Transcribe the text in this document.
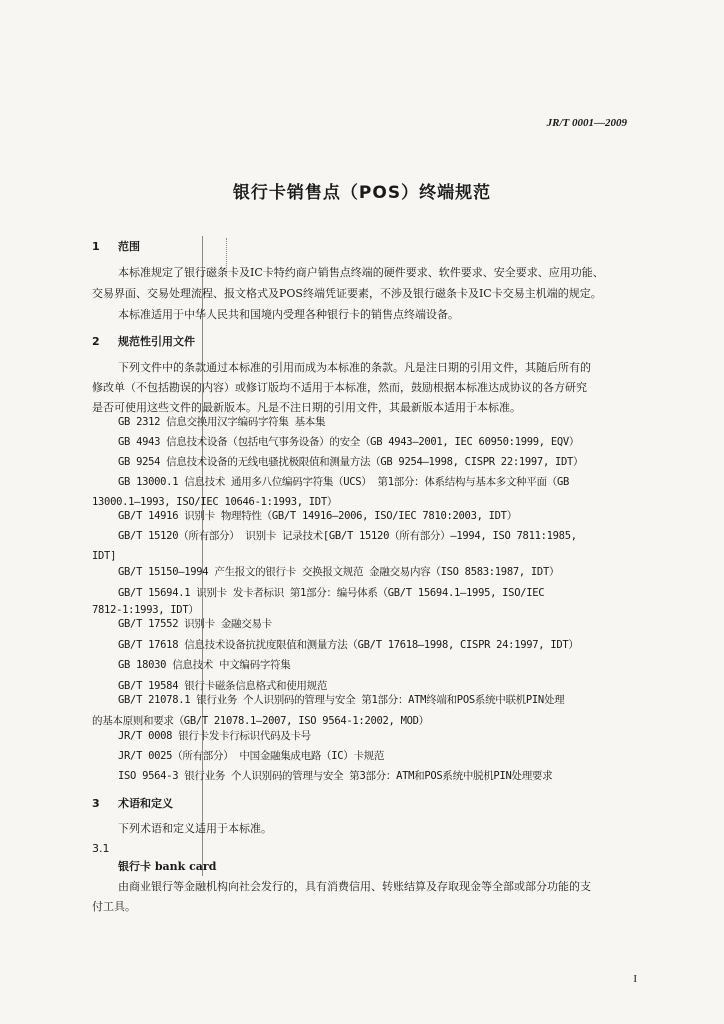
JR/T 0001—2009
银行卡销售点（POS）终端规范
1 范围
本标准规定了银行磁条卡及IC卡特约商户销售点终端的硬件要求、软件要求、安全要求、应用功能、
交易界面、交易处理流程、报文格式及POS终端凭证要素，不涉及银行磁条卡及IC卡交易主机端的规定。
本标准适用于中华人民共和国境内受理各种银行卡的销售点终端设备。
2 规范性引用文件
下列文件中的条款通过本标准的引用而成为本标准的条款。凡是注日期的引用文件，其随后所有的
修改单（不包括勘误的内容）或修订版均不适用于本标准，然而，鼓励根据本标准达成协议的各方研究
是否可使用这些文件的最新版本。凡是不注日期的引用文件，其最新版本适用于本标准。
GB 2312 信息交换用汉字编码字符集 基本集
GB 4943 信息技术设备（包括电气事务设备）的安全（GB 4943—2001, IEC 60950:1999, EQV）
GB 9254 信息技术设备的无线电骚扰极限值和测量方法（GB 9254—1998, CISPR 22:1997, IDT）
GB 13000.1 信息技术 通用多八位编码字符集（UCS） 第1部分：体系结构与基本多文种平面（GB
13000.1—1993, ISO/IEC 10646-1:1993, IDT）
GB/T 14916 识别卡 物理特性（GB/T 14916—2006, ISO/IEC 7810:2003, IDT）
GB/T 15120（所有部分） 识别卡 记录技术[GB/T 15120（所有部分）—1994, ISO 7811:1985,
IDT]
GB/T 15150—1994 产生报文的银行卡 交换报文规范 金融交易内容（ISO 8583:1987, IDT）
GB/T 15694.1 识别卡 发卡者标识 第1部分：编号体系（GB/T 15694.1—1995, ISO/IEC
7812-1:1993, IDT）
GB/T 17552 识别卡 金融交易卡
GB/T 17618 信息技术设备抗扰度限值和测量方法（GB/T 17618—1998, CISPR 24:1997, IDT）
GB 18030 信息技术 中文编码字符集
GB/T 19584 银行卡磁条信息格式和使用规范
GB/T 21078.1 银行业务 个人识别码的管理与安全 第1部分：ATM终端和POS系统中联机PIN处理
的基本原则和要求（GB/T 21078.1—2007, ISO 9564-1:2002, MOD）
JR/T 0008 银行卡发卡行标识代码及卡号
JR/T 0025（所有部分） 中国金融集成电路（IC）卡规范
ISO 9564-3 银行业务 个人识别码的管理与安全 第3部分：ATM和POS系统中脱机PIN处理要求
3 术语和定义
下列术语和定义适用于本标准。
3.1
银行卡 bank card
由商业银行等金融机构向社会发行的，具有消费信用、转账结算及存取现金等全部或部分功能的支
付工具。
I
